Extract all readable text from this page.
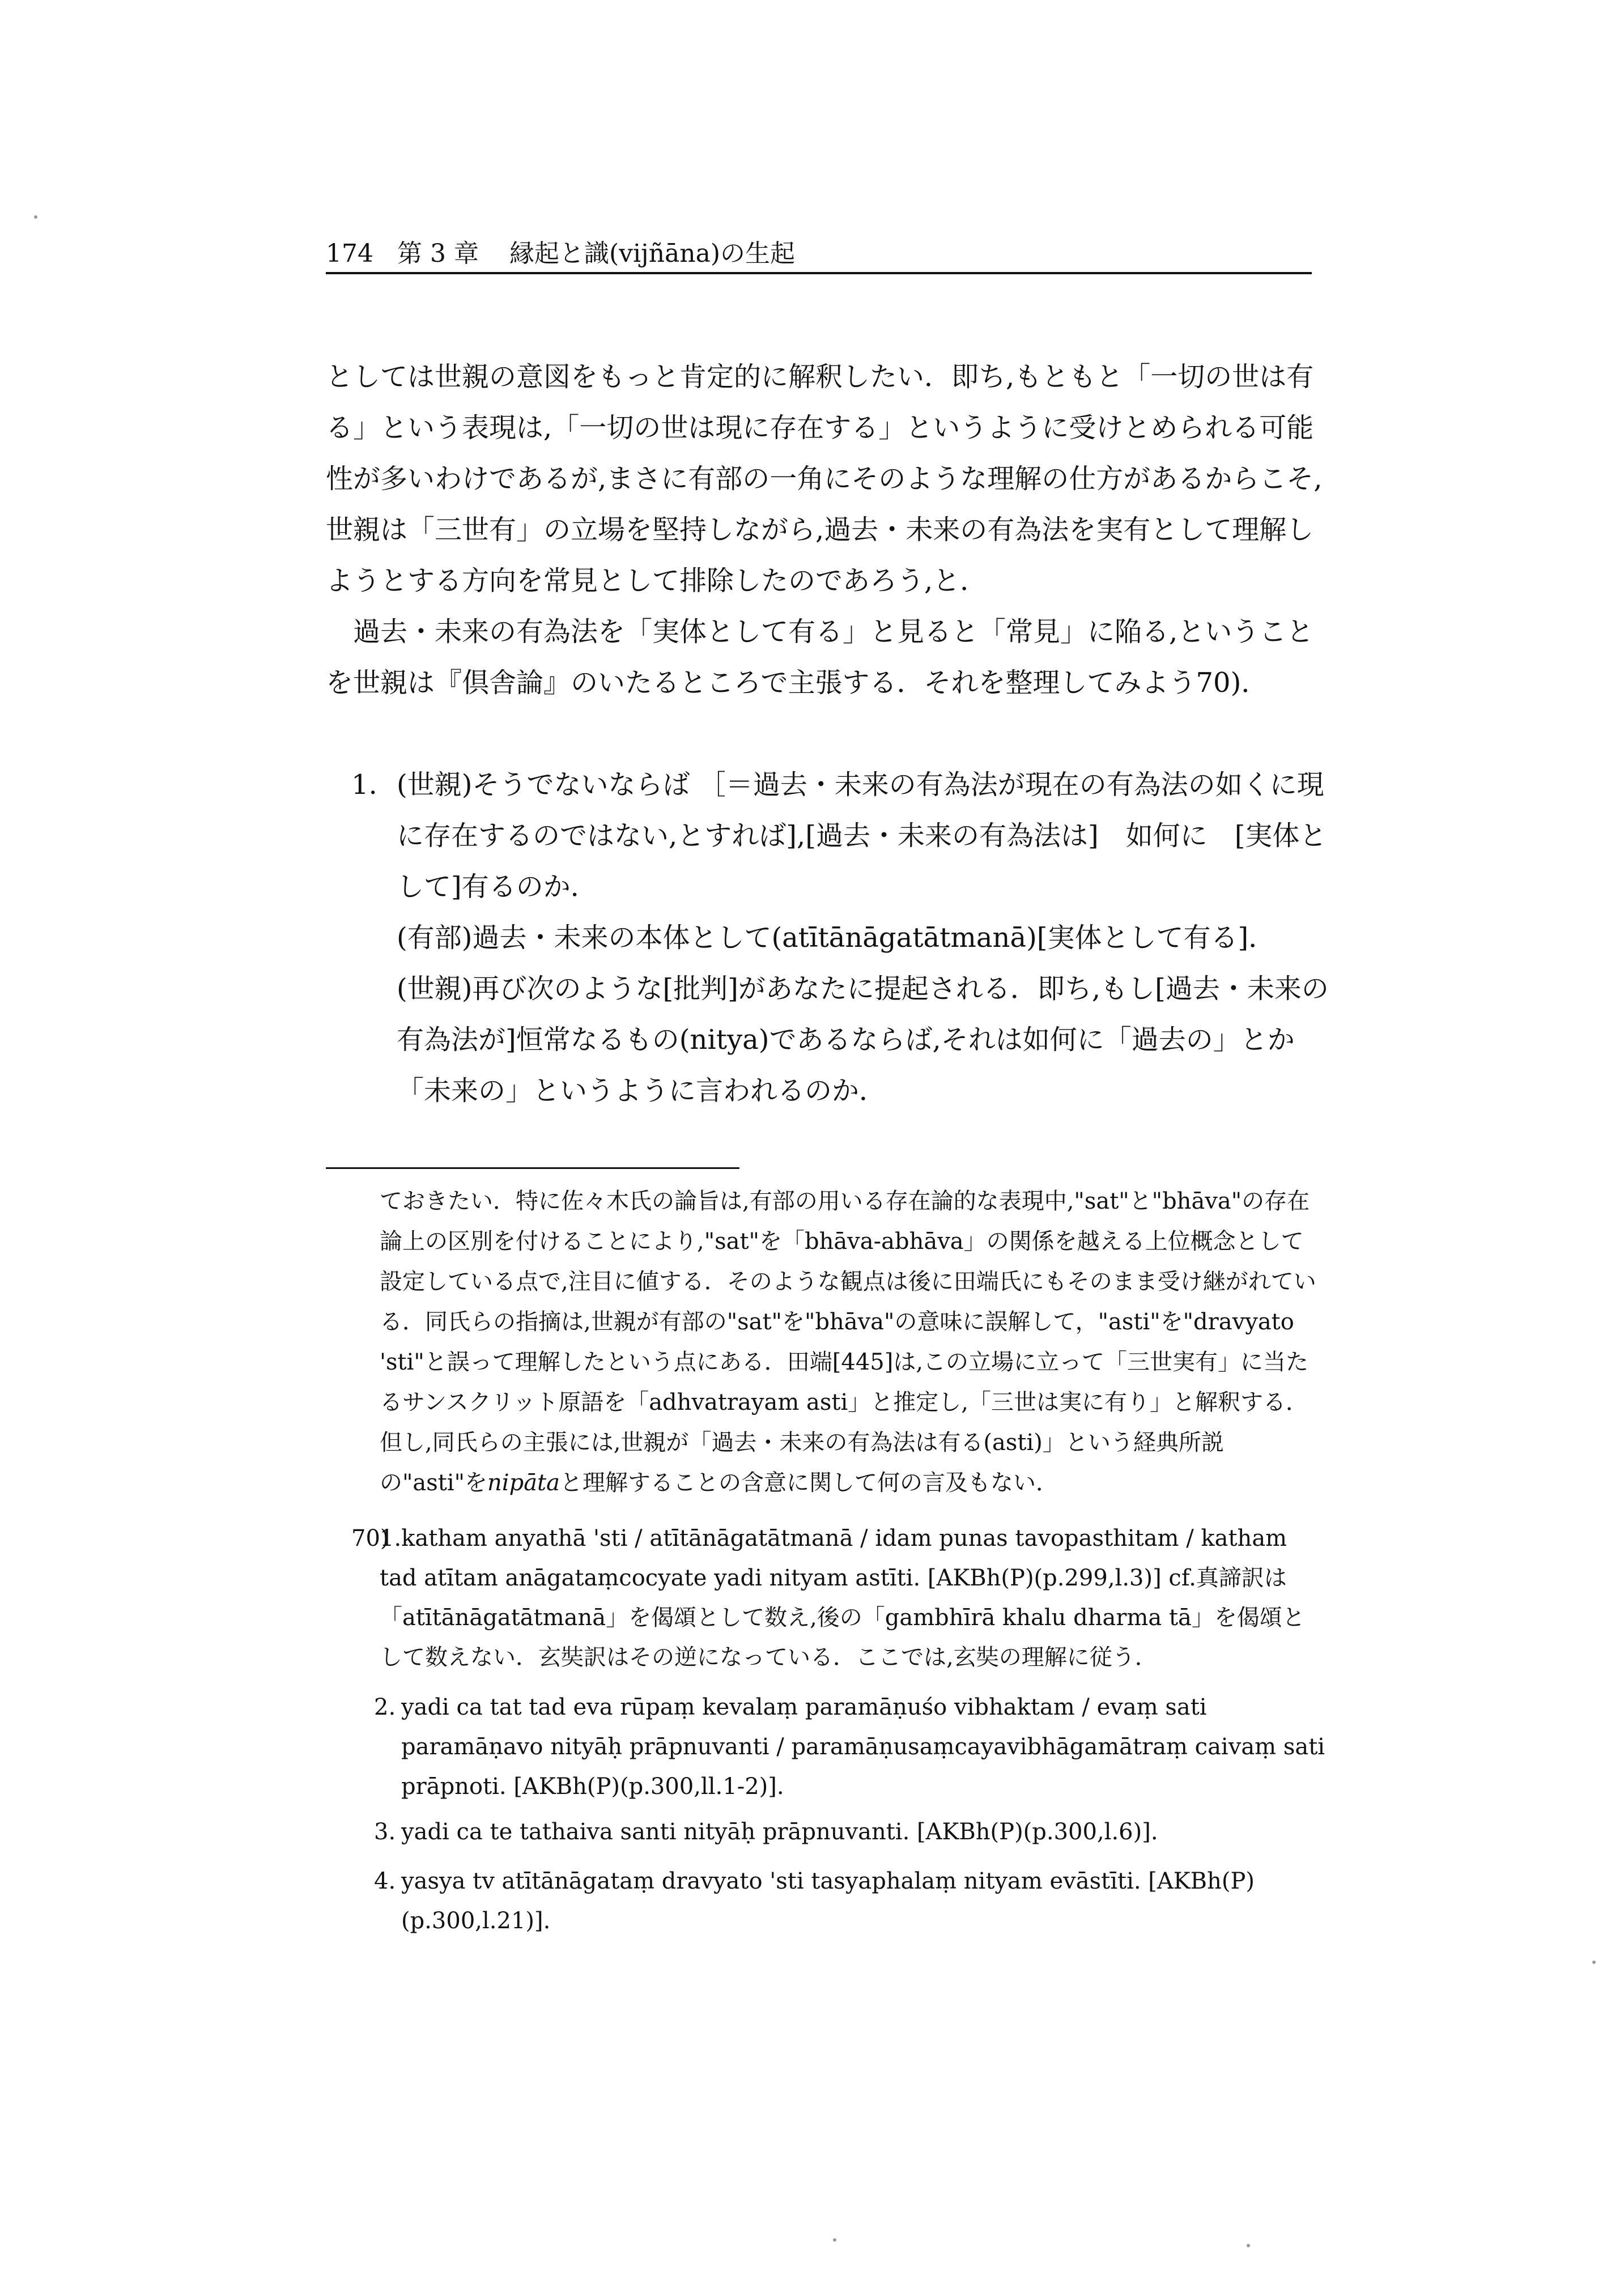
174 第 3 章 縁起と識(vijñāna)の生起

としては世親の意図をもっと肯定的に解釈したい．即ち,もともと「一切の世は有る」という表現は,「一切の世は現に存在する」というように受けとめられる可能性が多いわけであるが,まさに有部の一角にそのような理解の仕方があるからこそ,世親は「三世有」の立場を堅持しながら,過去・未来の有為法を実有として理解しようとする方向を常見として排除したのであろう,と．

過去・未来の有為法を「実体として有る」と見ると「常見」に陥る,ということを世親は『倶舎論』のいたるところで主張する．それを整理してみよう70)．

1. (世親)そうでないならば ［＝過去・未来の有為法が現在の有為法の如くに現に存在するのではない,とすれば],[過去・未来の有為法は]　如何に　[実体として]有るのか．

(有部)過去・未来の本体として(atītānāgatātmanā)[実体として有る]．

(世親)再び次のような[批判]があなたに提起される．即ち,もし[過去・未来の有為法が]恒常なるもの(nitya)であるならば,それは如何に「過去の」とか「未来の」というように言われるのか．

ておきたい．特に佐々木氏の論旨は,有部の用いる存在論的な表現中,"sat"と"bhāva"の存在論上の区別を付けることにより,"sat"を「bhāva-abhāva」の関係を越える上位概念として設定している点で,注目に値する．そのような観点は後に田端氏にもそのまま受け継がれている．同氏らの指摘は,世親が有部の"sat"を"bhāva"の意味に誤解して，"asti"を"dravyato 'sti"と誤って理解したという点にある．田端[445]は,この立場に立って「三世実有」に当たるサンスクリット原語を「adhvatrayam asti」と推定し,「三世は実に有り」と解釈する．但し,同氏らの主張には,世親が「過去・未来の有為法は有る(asti)」という経典所説の"asti"をnipātaと理解することの含意に関して何の言及もない．

70)

1.katham anyathā 'sti / atītānāgatātmanā / idam punas tavopasthitam / katham tad atītam anāgataṃcocyate yadi nityam astīti. [AKBh(P)(p.299,l.3)] cf.真諦訳は「atītānāgatātmanā」を偈頌として数え,後の「gambhīrā khalu dharma tā」を偈頌として数えない．玄奘訳はその逆になっている．ここでは,玄奘の理解に従う．

2. yadi ca tat tad eva rūpaṃ kevalaṃ paramāṇuśo vibhaktam / evaṃ sati paramāṇavo nityāḥ prāpnuvanti / paramāṇusaṃcayavibhāgamātraṃ caivaṃ sati prāpnoti. [AKBh(P)(p.300,ll.1-2)].

3. yadi ca te tathaiva santi nityāḥ prāpnuvanti. [AKBh(P)(p.300,l.6)].

4. yasya tv atītānāgataṃ dravyato 'sti tasyaphalaṃ nityam evāstīti. [AKBh(P)(p.300,l.21)].
